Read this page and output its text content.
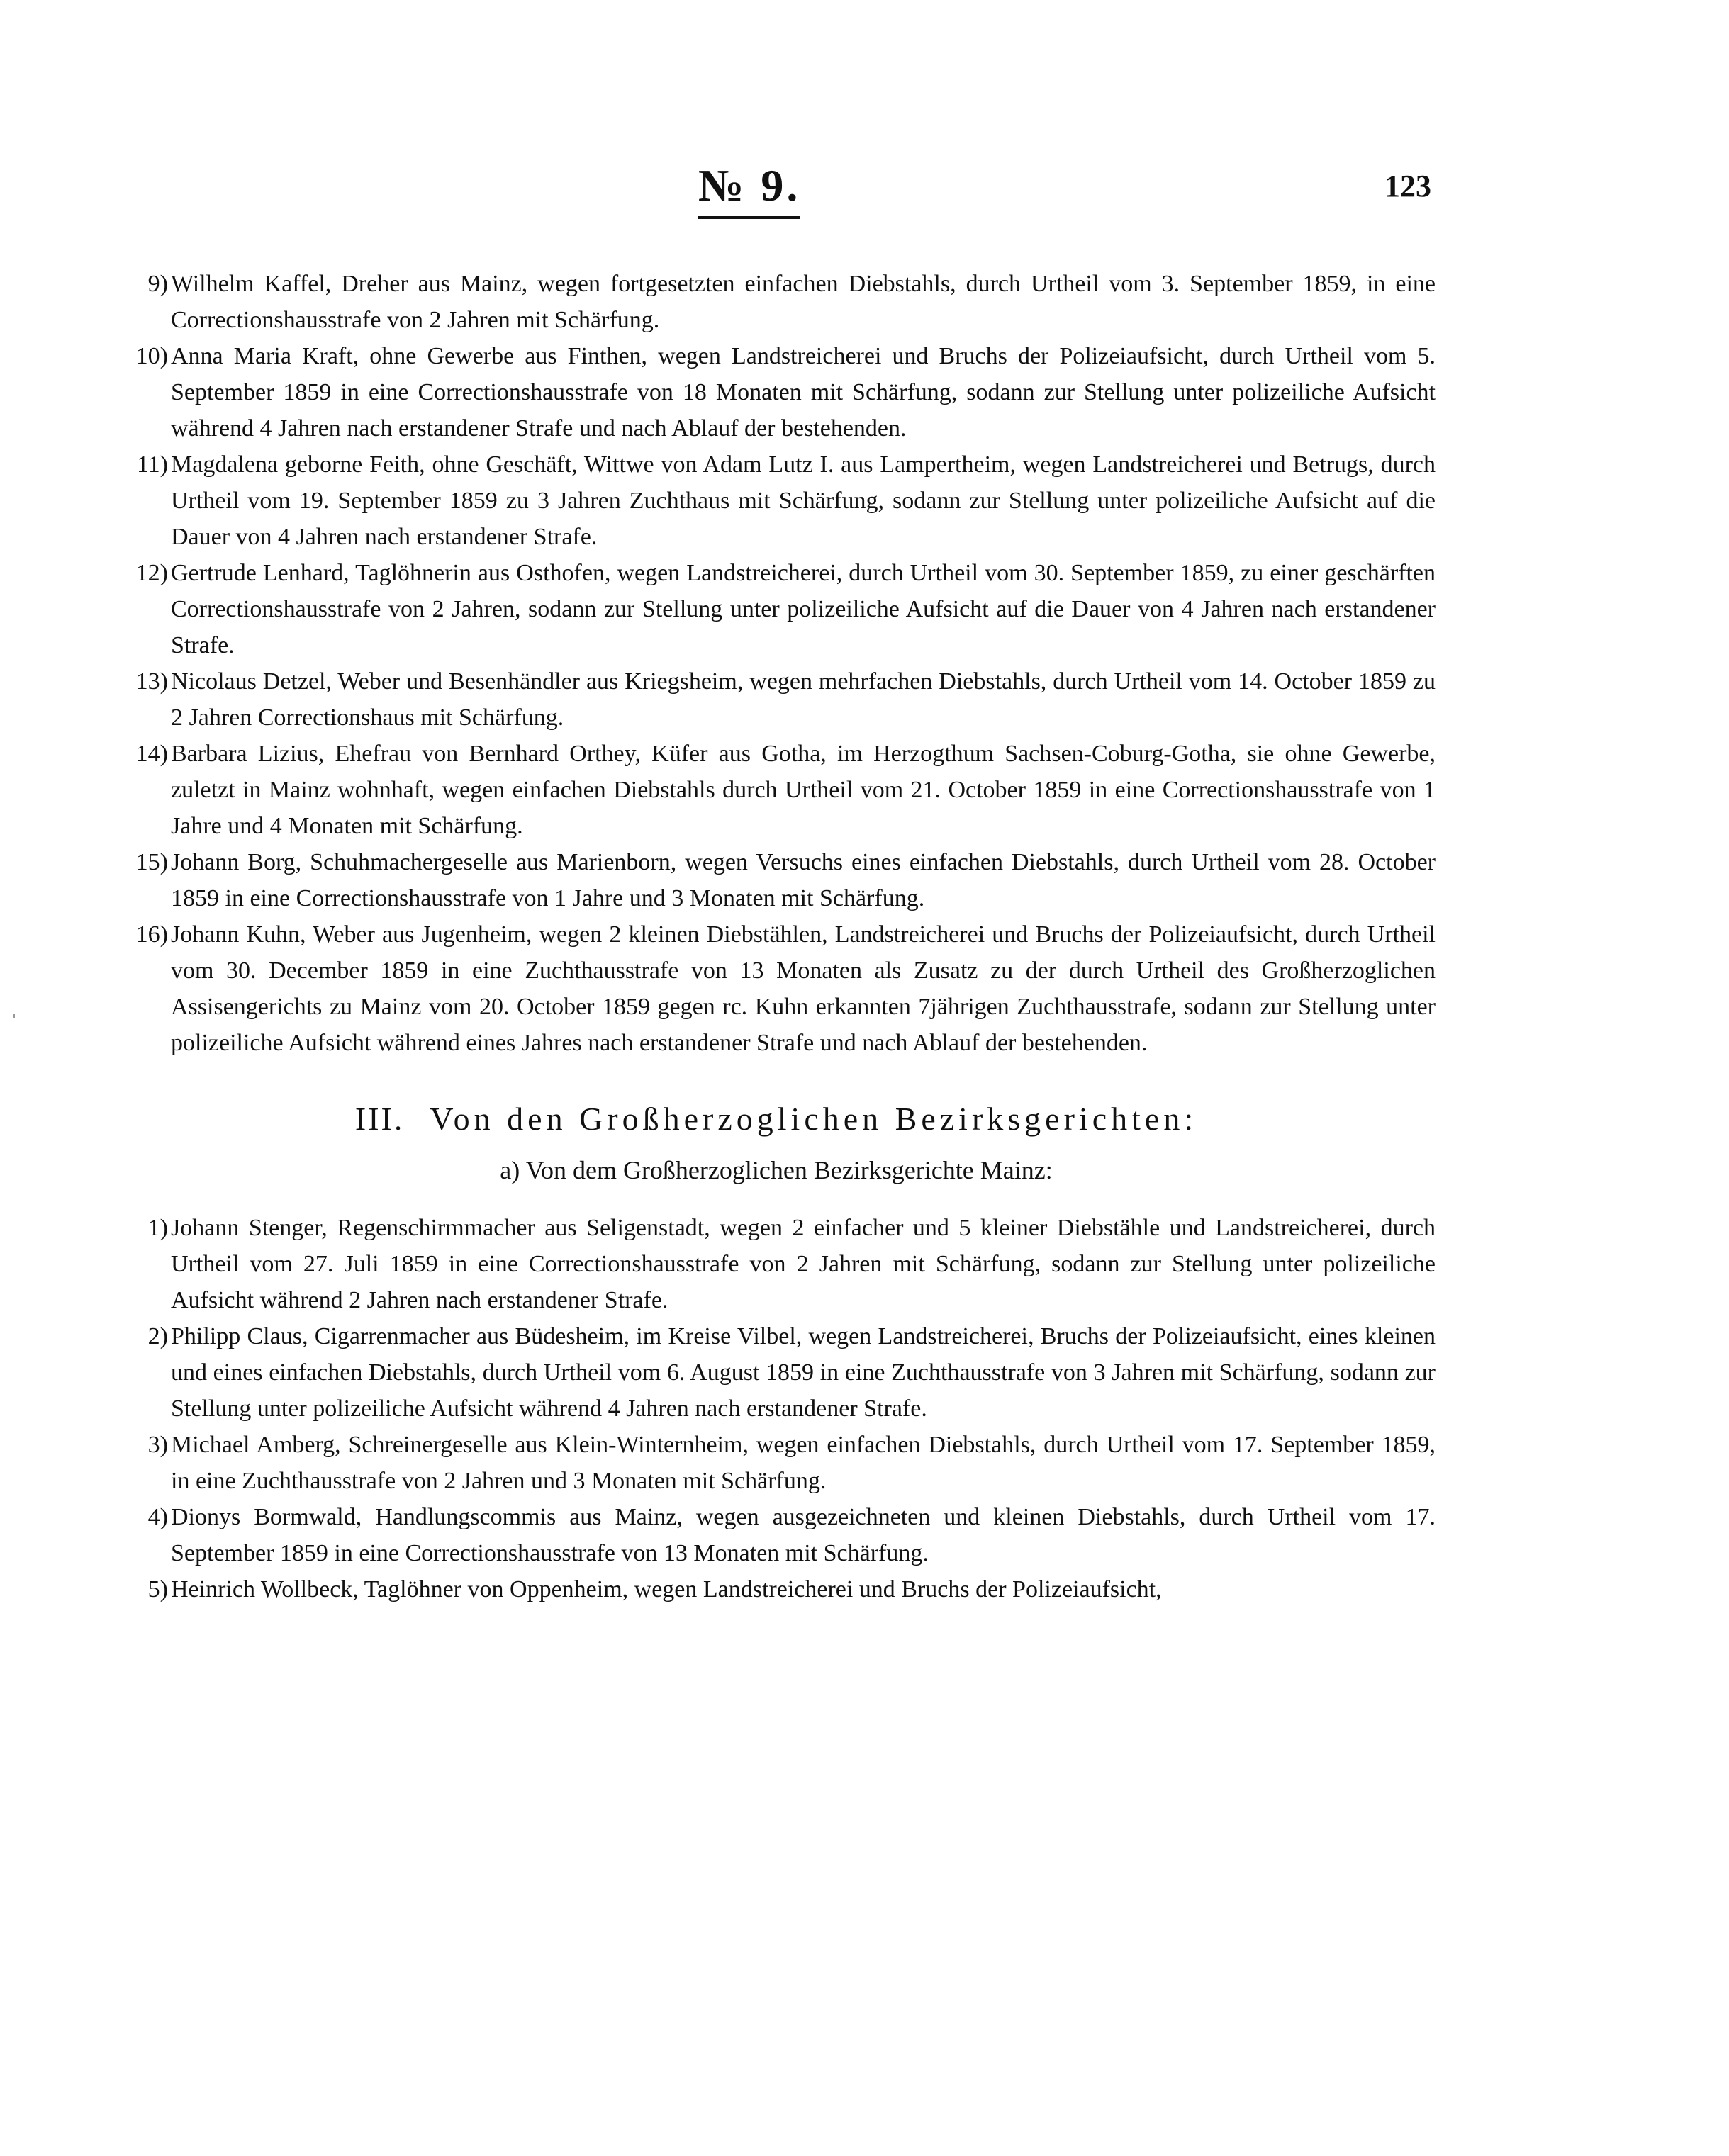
№ 9.	123
9) Wilhelm Kaffel, Dreher aus Mainz, wegen fortgesetzten einfachen Diebstahls, durch Urtheil vom 3. September 1859, in eine Correctionshausstrafe von 2 Jahren mit Schärfung.
10) Anna Maria Kraft, ohne Gewerbe aus Finthen, wegen Landstreicherei und Bruchs der Polizeiaufsicht, durch Urtheil vom 5. September 1859 in eine Correctionshausstrafe von 18 Monaten mit Schärfung, sodann zur Stellung unter polizeiliche Aufsicht während 4 Jahren nach erstandener Strafe und nach Ablauf der bestehenden.
11) Magdalena geborne Feith, ohne Geschäft, Wittwe von Adam Lutz I. aus Lampertheim, wegen Landstreicherei und Betrugs, durch Urtheil vom 19. September 1859 zu 3 Jahren Zuchthaus mit Schärfung, sodann zur Stellung unter polizeiliche Aufsicht auf die Dauer von 4 Jahren nach erstandener Strafe.
12) Gertrude Lenhard, Taglöhnerin aus Osthofen, wegen Landstreicherei, durch Urtheil vom 30. September 1859, zu einer geschärften Correctionshausstrafe von 2 Jahren, sodann zur Stellung unter polizeiliche Aufsicht auf die Dauer von 4 Jahren nach erstandener Strafe.
13) Nicolaus Detzel, Weber und Besenhändler aus Kriegsheim, wegen mehrfachen Diebstahls, durch Urtheil vom 14. October 1859 zu 2 Jahren Correctionshaus mit Schärfung.
14) Barbara Lizius, Ehefrau von Bernhard Orthey, Küfer aus Gotha, im Herzogthum Sachsen-Coburg-Gotha, sie ohne Gewerbe, zuletzt in Mainz wohnhaft, wegen einfachen Diebstahls durch Urtheil vom 21. October 1859 in eine Correctionshausstrafe von 1 Jahre und 4 Monaten mit Schärfung.
15) Johann Borg, Schuhmachergeselle aus Marienborn, wegen Versuchs eines einfachen Diebstahls, durch Urtheil vom 28. October 1859 in eine Correctionshausstrafe von 1 Jahre und 3 Monaten mit Schärfung.
16) Johann Kuhn, Weber aus Jugenheim, wegen 2 kleinen Diebstählen, Landstreicherei und Bruchs der Polizeiaufsicht, durch Urtheil vom 30. December 1859 in eine Zuchthausstrafe von 13 Monaten als Zusatz zu der durch Urtheil des Großherzoglichen Assisengerichts zu Mainz vom 20. October 1859 gegen rc. Kuhn erkannten 7jährigen Zuchthausstrafe, sodann zur Stellung unter polizeiliche Aufsicht während eines Jahres nach erstandener Strafe und nach Ablauf der bestehenden.
III. Von den Großherzoglichen Bezirksgerichten:
a) Von dem Großherzoglichen Bezirksgerichte Mainz:
1) Johann Stenger, Regenschirmmacher aus Seligenstadt, wegen 2 einfacher und 5 kleiner Diebstähle und Landstreicherei, durch Urtheil vom 27. Juli 1859 in eine Correctionshausstrafe von 2 Jahren mit Schärfung, sodann zur Stellung unter polizeiliche Aufsicht während 2 Jahren nach erstandener Strafe.
2) Philipp Claus, Cigarrenmacher aus Büdesheim, im Kreise Vilbel, wegen Landstreicherei, Bruchs der Polizeiaufsicht, eines kleinen und eines einfachen Diebstahls, durch Urtheil vom 6. August 1859 in eine Zuchthausstrafe von 3 Jahren mit Schärfung, sodann zur Stellung unter polizeiliche Aufsicht während 4 Jahren nach erstandener Strafe.
3) Michael Amberg, Schreinergeselle aus Klein-Winternheim, wegen einfachen Diebstahls, durch Urtheil vom 17. September 1859, in eine Zuchthausstrafe von 2 Jahren und 3 Monaten mit Schärfung.
4) Dionys Bormwald, Handlungscommis aus Mainz, wegen ausgezeichneten und kleinen Diebstahls, durch Urtheil vom 17. September 1859 in eine Correctionshausstrafe von 13 Monaten mit Schärfung.
5) Heinrich Wollbeck, Taglöhner von Oppenheim, wegen Landstreicherei und Bruchs der Polizeiaufsicht,
